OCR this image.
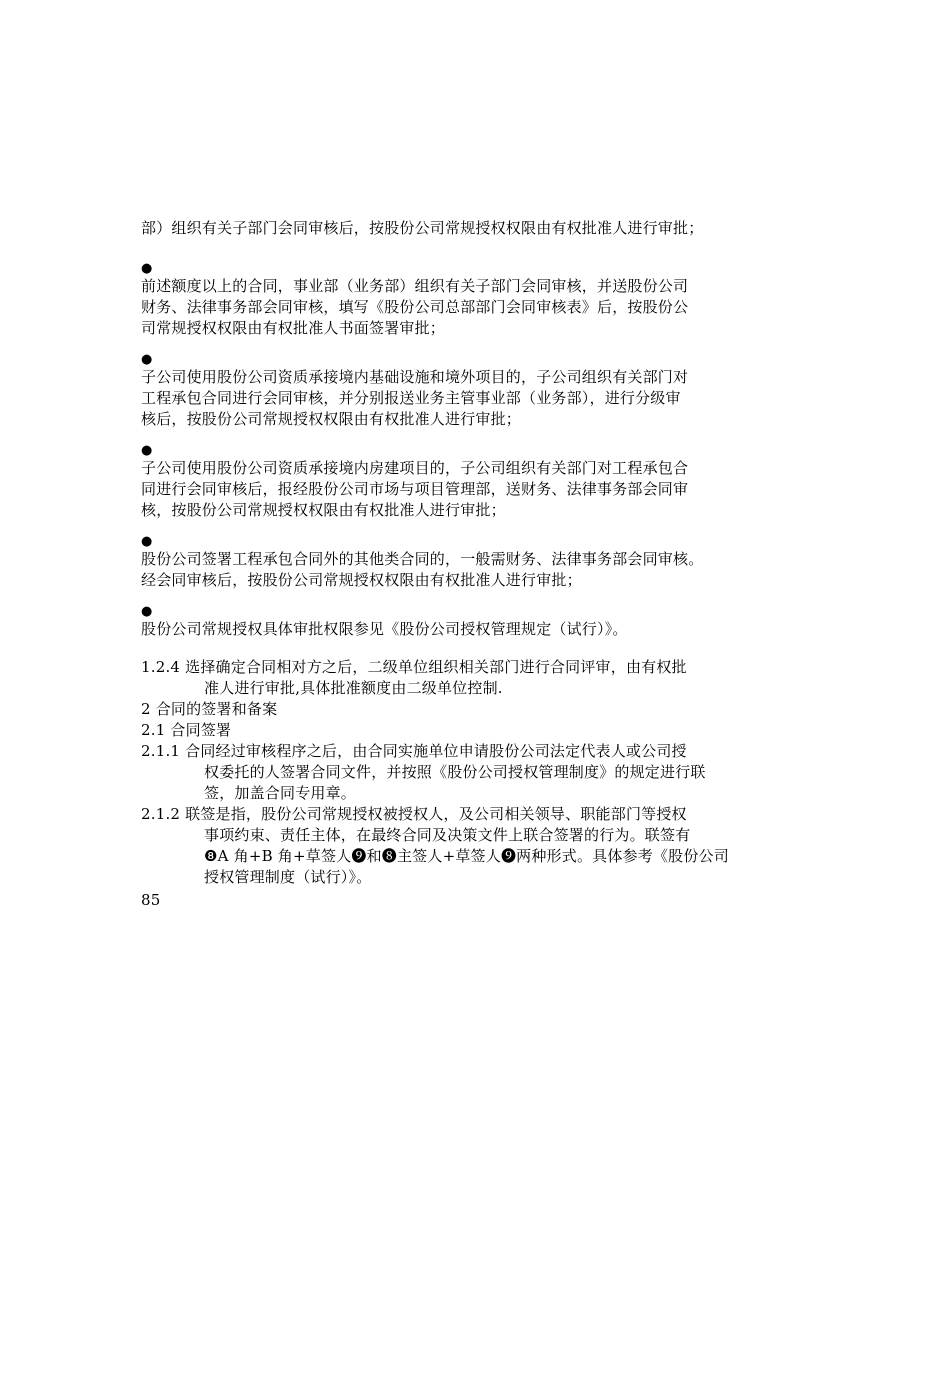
部）组织有关子部门会同审核后，按股份公司常规授权权限由有权批准人进行审批；
●
前述额度以上的合同，事业部（业务部）组织有关子部门会同审核，并送股份公司
财务、法律事务部会同审核，填写《股份公司总部部门会同审核表》后，按股份公
司常规授权权限由有权批准人书面签署审批；
●
子公司使用股份公司资质承接境内基础设施和境外项目的，子公司组织有关部门对
工程承包合同进行会同审核，并分别报送业务主管事业部（业务部），进行分级审
核后，按股份公司常规授权权限由有权批准人进行审批；
●
子公司使用股份公司资质承接境内房建项目的，子公司组织有关部门对工程承包合
同进行会同审核后，报经股份公司市场与项目管理部，送财务、法律事务部会同审
核，按股份公司常规授权权限由有权批准人进行审批；
●
股份公司签署工程承包合同外的其他类合同的，一般需财务、法律事务部会同审核。
经会同审核后，按股份公司常规授权权限由有权批准人进行审批；
●
股份公司常规授权具体审批权限参见《股份公司授权管理规定（试行）》。
1.2.4 选择确定合同相对方之后，二级单位组织相关部门进行合同评审，由有权批
准人进行审批,具体批准额度由二级单位控制.
2 合同的签署和备案
2.1 合同签署
2.1.1 合同经过审核程序之后，由合同实施单位申请股份公司法定代表人或公司授
权委托的人签署合同文件，并按照《股份公司授权管理制度》的规定进行联
签，加盖合同专用章。
2.1.2 联签是指，股份公司常规授权被授权人，及公司相关领导、职能部门等授权
事项约束、责任主体，在最终合同及决策文件上联合签署的行为。联签有
❽A 角+B 角+草签人❾和❽主签人+草签人❾两种形式。具体参考《股份公司
授权管理制度（试行）》。
85
